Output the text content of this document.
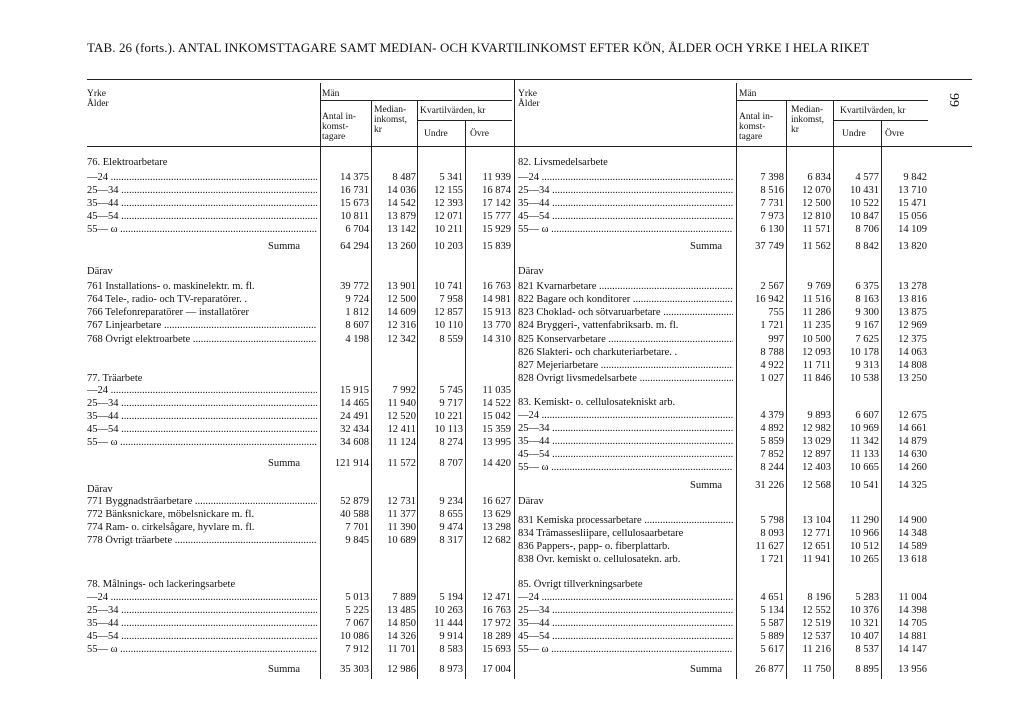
TAB. 26 (forts.). ANTAL INKOMSTTAGARE SAMT MEDIAN- OCH KVARTILINKOMST EFTER KÖN, ÅLDER OCH YRKE I HELA RIKET
99
Yrke
Ålder
Män
Antal in-
komst-
tagare
Median-
inkomst,
kr
Kvartilvärden, kr
Undre Övre
Yrke
Ålder
Män
Antal in-
komst-
tagare
Median-
inkomst,
kr
Kvartilvärden, kr
Undre Övre
76. Elektroarbetare
—24 .....	14 375	8 487	5 341	11 939
25—34 .....	16 731	14 036	12 155	16 874
35—44 .....	15 673	14 542	12 393	17 142
45—54 .....	10 811	13 879	12 071	15 777
55— ω .....	6 704	13 142	10 211	15 929
Summa	64 294	13 260	10 203	15 839
Därav
761 Installations- o. maskinelektr. m. fl.	39 772	13 901	10 741	16 763
764 Tele-, radio- och TV-reparatörer. .	9 724	12 500	7 958	14 981
766 Telefonreparatörer — installatörer	1 812	14 609	12 857	15 913
767 Linjearbetare .....	8 607	12 316	10 110	13 770
768 Övrigt elektroarbete .....	4 198	12 342	8 559	14 310
77. Träarbete
—24 .....	15 915	7 992	5 745	11 035
25—34 .....	14 465	11 940	9 717	14 522
35—44 .....	24 491	12 520	10 221	15 042
45—54 .....	32 434	12 411	10 113	15 359
55— ω .....	34 608	11 124	8 274	13 995
Summa	121 914	11 572	8 707	14 420
Därav
771 Byggnadsträarbetare .....	52 879	12 731	9 234	16 627
772 Bänksnickare, möbelsnickare m. fl.	40 588	11 377	8 655	13 629
774 Ram- o. cirkelsågare, hyvlare m. fl.	7 701	11 390	9 474	13 298
778 Övrigt träarbete .....	9 845	10 689	8 317	12 682
78. Målnings- och lackeringsarbete
—24 .....	5 013	7 889	5 194	12 471
25—34 .....	5 225	13 485	10 263	16 763
35—44 .....	7 067	14 850	11 444	17 972
45—54 .....	10 086	14 326	9 914	18 289
55— ω .....	7 912	11 701	8 583	15 693
Summa	35 303	12 986	8 973	17 004
82. Livsmedelsarbete
—24 .....	7 398	6 834	4 577	9 842
25—34 .....	8 516	12 070	10 431	13 710
35—44 .....	7 731	12 500	10 522	15 471
45—54 .....	7 973	12 810	10 847	15 056
55— ω .....	6 130	11 571	8 706	14 109
Summa	37 749	11 562	8 842	13 820
Därav
821 Kvarnarbetare .....	2 567	9 769	6 375	13 278
822 Bagare och konditorer .....	16 942	11 516	8 163	13 816
823 Choklad- och sötvaruarbetare .....	755	11 286	9 300	13 875
824 Bryggeri-, vattenfabriksarb. m. fl.	1 721	11 235	9 167	12 969
825 Konservarbetare .....	997	10 500	7 625	12 375
826 Slakteri- och charkuteriarbetare. .	8 788	12 093	10 178	14 063
827 Mejeriarbetare .....	4 922	11 711	9 313	14 808
828 Övrigt livsmedelsarbete .....	1 027	11 846	10 538	13 250
83. Kemiskt- o. cellulosatekniskt arb.
—24 .....	4 379	9 893	6 607	12 675
25—34 .....	4 892	12 982	10 969	14 661
35—44 .....	5 859	13 029	11 342	14 879
45—54 .....	7 852	12 897	11 133	14 630
55— ω .....	8 244	12 403	10 665	14 260
Summa	31 226	12 568	10 541	14 325
Därav
831 Kemiska processarbetare .....	5 798	13 104	11 290	14 900
834 Trämassesliipare, cellulosaarbetare	8 093	12 771	10 966	14 348
836 Pappers-, papp- o. fiberplattarb.	11 627	12 651	10 512	14 589
838 Övr. kemiskt o. cellulosatekn. arb.	1 721	11 941	10 265	13 618
85. Övrigt tillverkningsarbete
—24 .....	4 651	8 196	5 283	11 004
25—34 .....	5 134	12 552	10 376	14 398
35—44 .....	5 587	12 519	10 321	14 705
45—54 .....	5 889	12 537	10 407	14 881
55— ω .....	5 617	11 216	8 537	14 147
Summa	26 877	11 750	8 895	13 956
